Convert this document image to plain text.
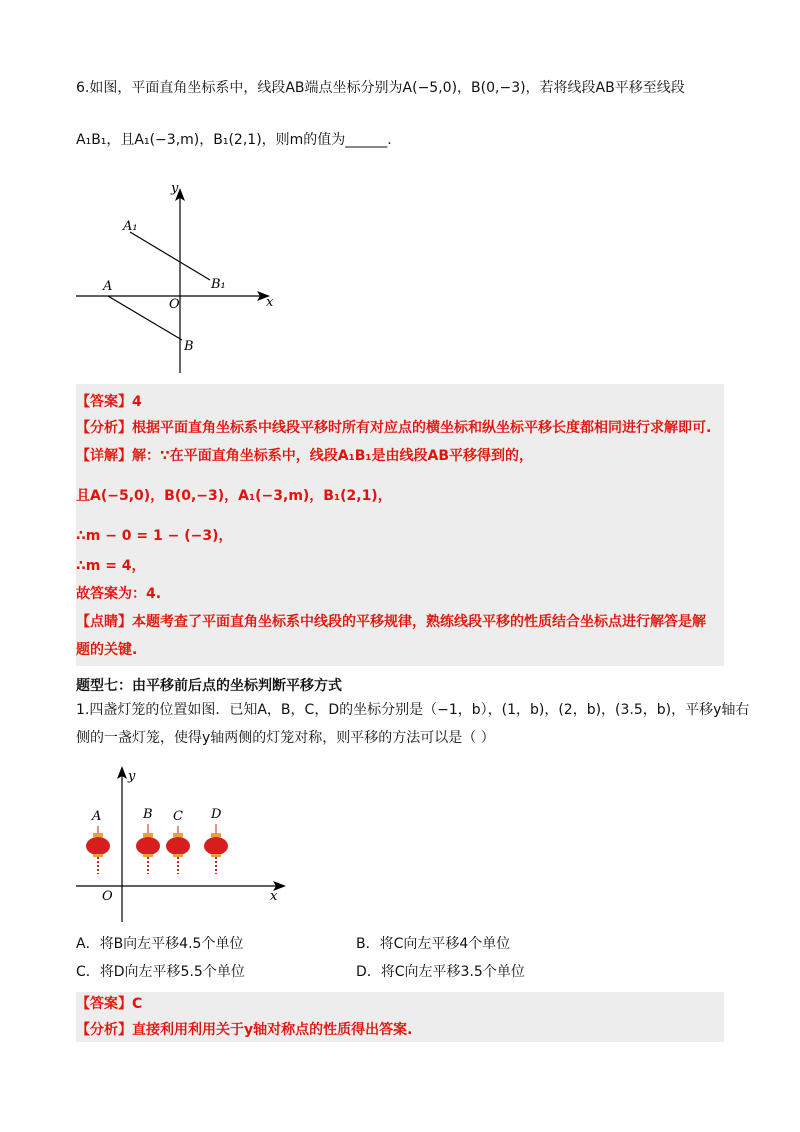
6.如图，平面直角坐标系中，线段AB端点坐标分别为A(−5,0)，B(0,−3)，若将线段AB平移至线段
A₁B₁，且A₁(−3,m)，B₁(2,1)，则m的值为______.
y
x
O
A
B
A₁
B₁
【答案】4
【分析】根据平面直角坐标系中线段平移时所有对应点的横坐标和纵坐标平移长度都相同进行求解即可.
【详解】解：∵在平面直角坐标系中，线段A₁B₁是由线段AB平移得到的，
且A(−5,0)，B(0,−3)，A₁(−3,m)，B₁(2,1)，
∴m − 0 = 1 − (−3)，
∴m = 4，
故答案为：4.
【点睛】本题考查了平面直角坐标系中线段的平移规律，熟练线段平移的性质结合坐标点进行解答是解
题的关键.
题型七：由平移前后点的坐标判断平移方式
1.四盏灯笼的位置如图．已知A，B，C，D的坐标分别是（−1，b），(1，b)，(2，b)，(3.5，b)，平移y轴右
侧的一盏灯笼，使得y轴两侧的灯笼对称，则平移的方法可以是（ ）
y
x
O
A	B C D
A．将B向左平移4.5个单位	B．将C向左平移4个单位
C．将D向左平移5.5个单位	D．将C向左平移3.5个单位
【答案】C
【分析】直接利用利用关于y轴对称点的性质得出答案.
